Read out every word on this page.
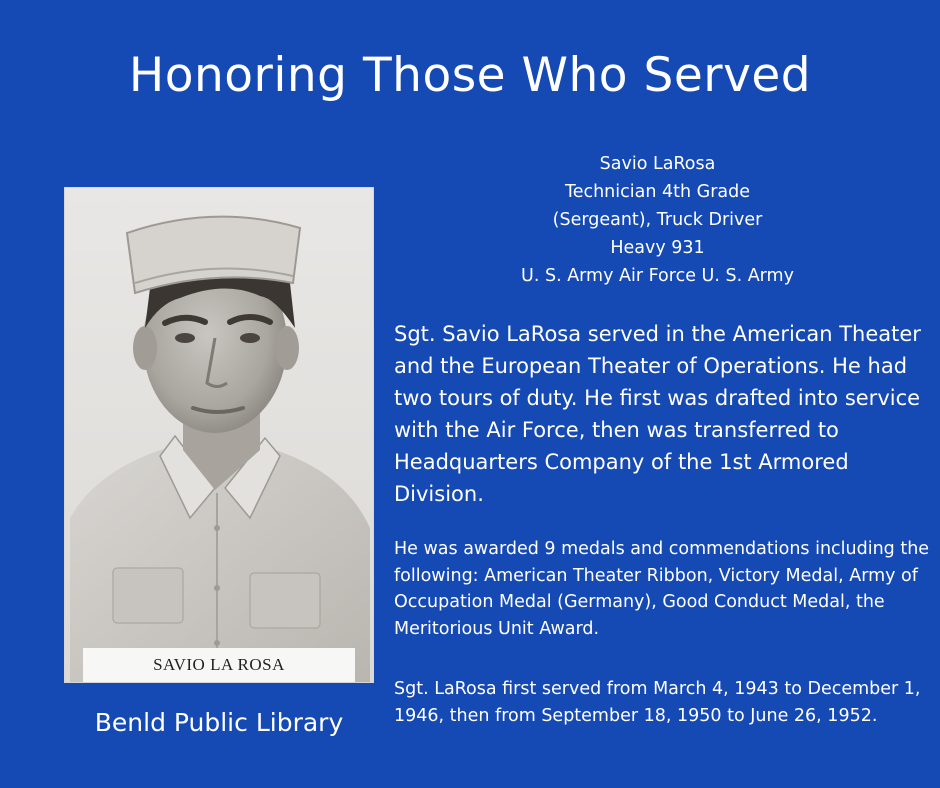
Honoring Those Who Served
SAVIO LA ROSA
Benld Public Library
Savio LaRosa
Technician 4th Grade
(Sergeant), Truck Driver
Heavy 931
U. S. Army Air Force U. S. Army

Sgt. Savio LaRosa served in the American Theater and the European Theater of Operations. He had two tours of duty. He first was drafted into service with the Air Force, then was transferred to Headquarters Company of the 1st Armored Division.

He was awarded 9 medals and commendations including the following: American Theater Ribbon, Victory Medal, Army of Occupation Medal (Germany), Good Conduct Medal, the Meritorious Unit Award.

Sgt. LaRosa first served from March 4, 1943 to December 1, 1946, then from September 18, 1950 to June 26, 1952.
